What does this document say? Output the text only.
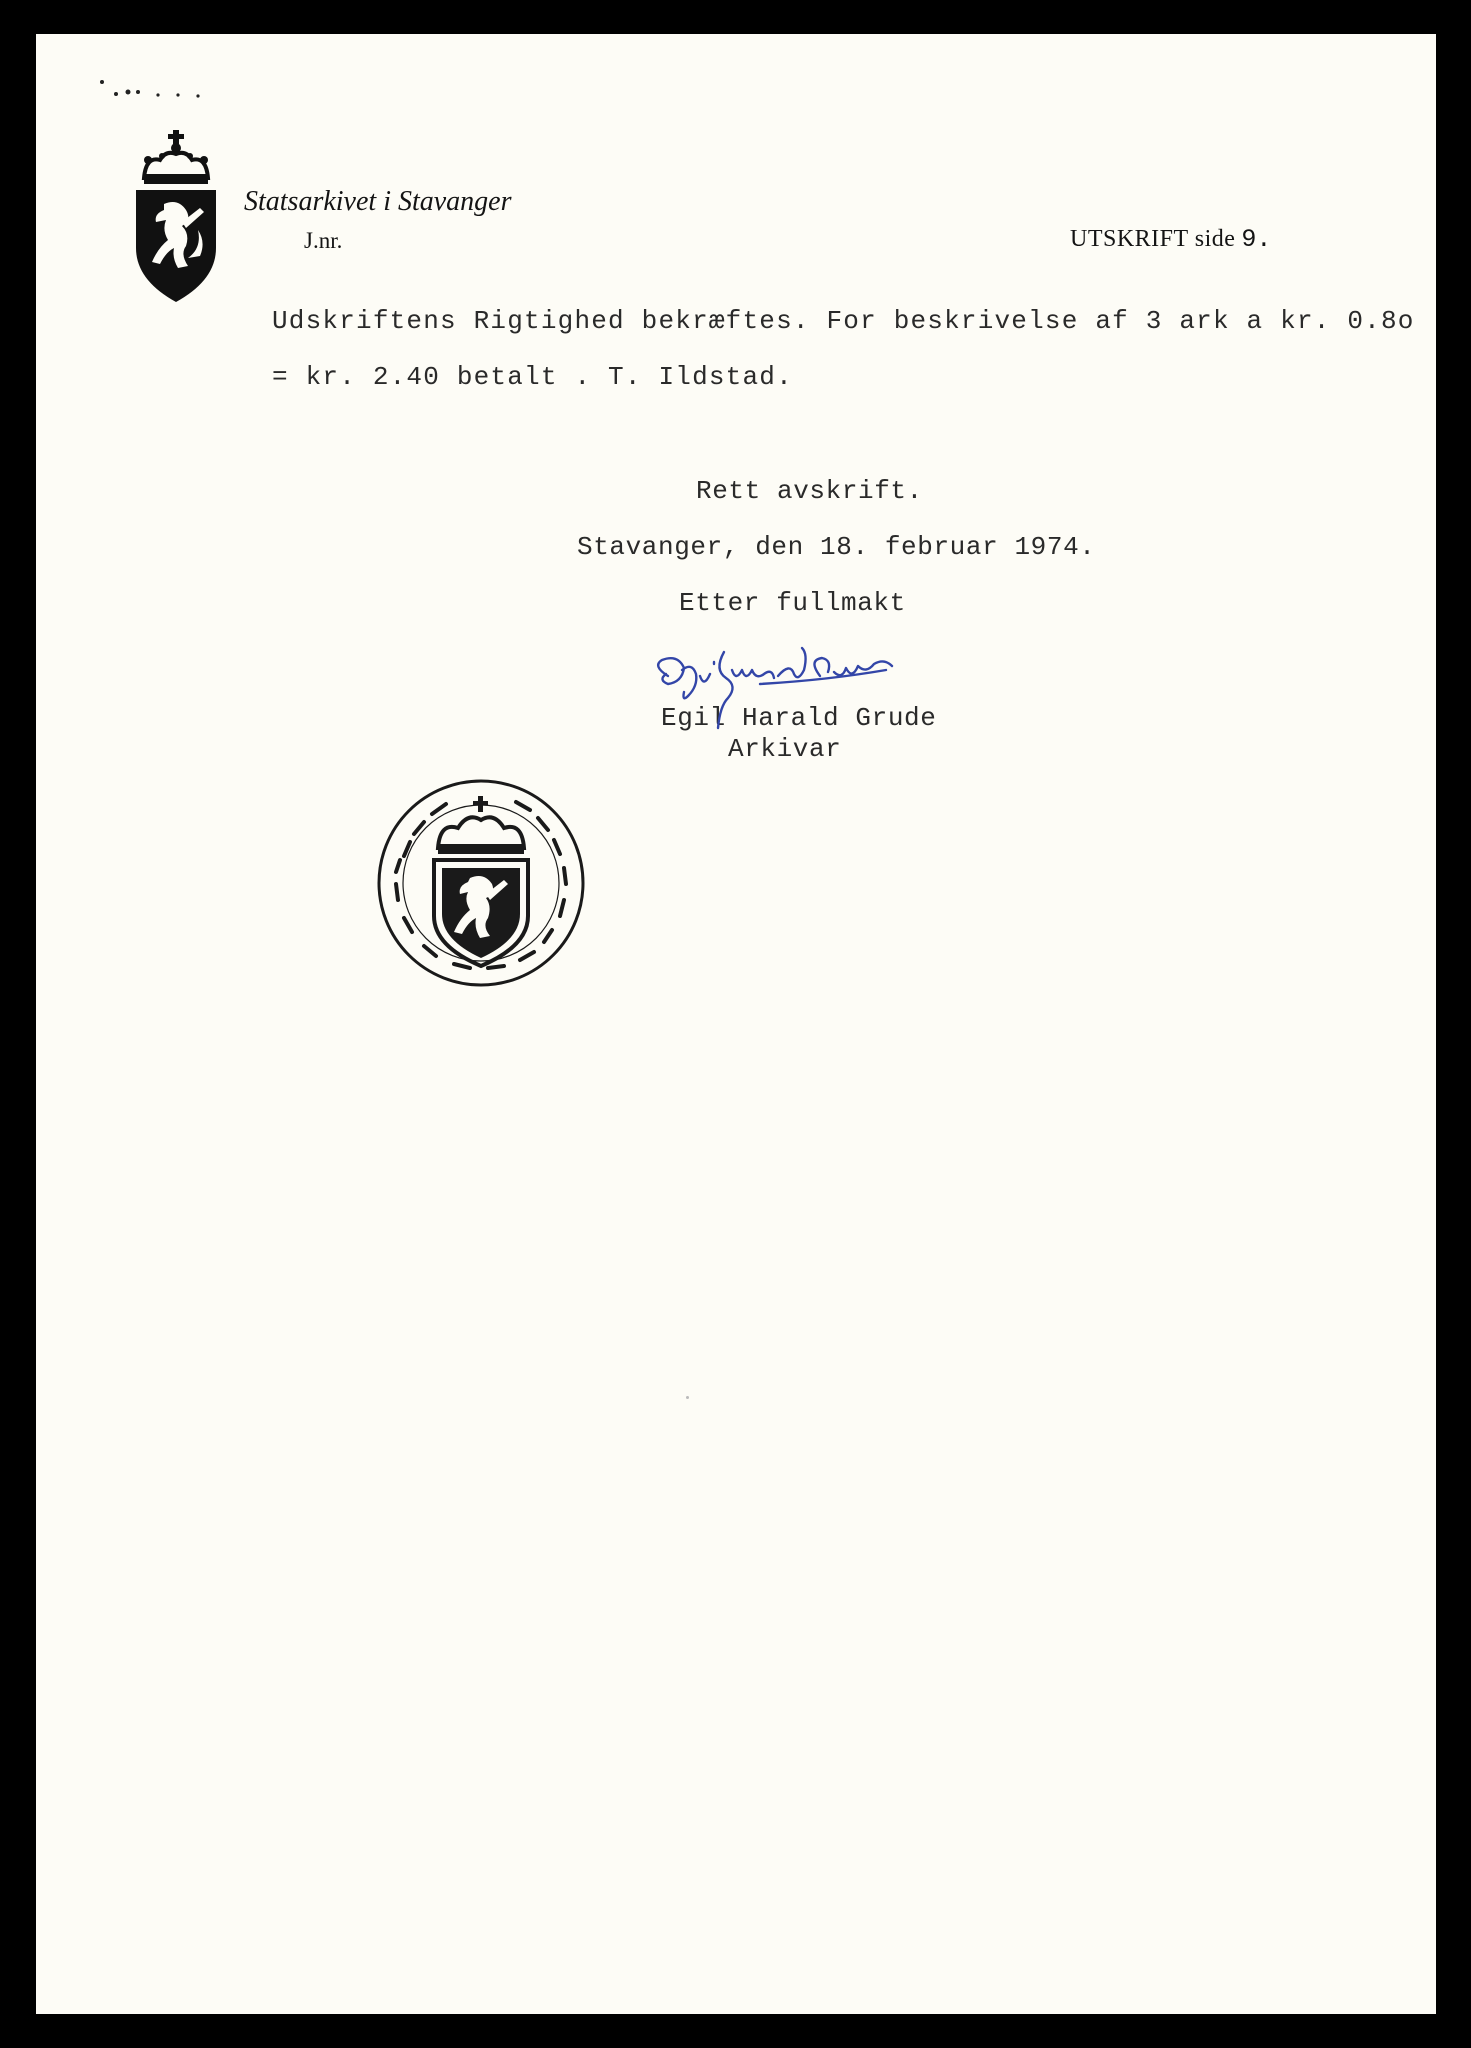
Statsarkivet i Stavanger
J.nr.	UTSKRIFT side 9.
Udskriftens Rigtighed bekræftes. For beskrivelse af 3 ark a kr. 0.8o
= kr. 2.40 betalt . T. Ildstad.
Rett avskrift.
Stavanger, den 18. februar 1974.
Etter fullmakt
Egil Harald Grude
Arkivar
